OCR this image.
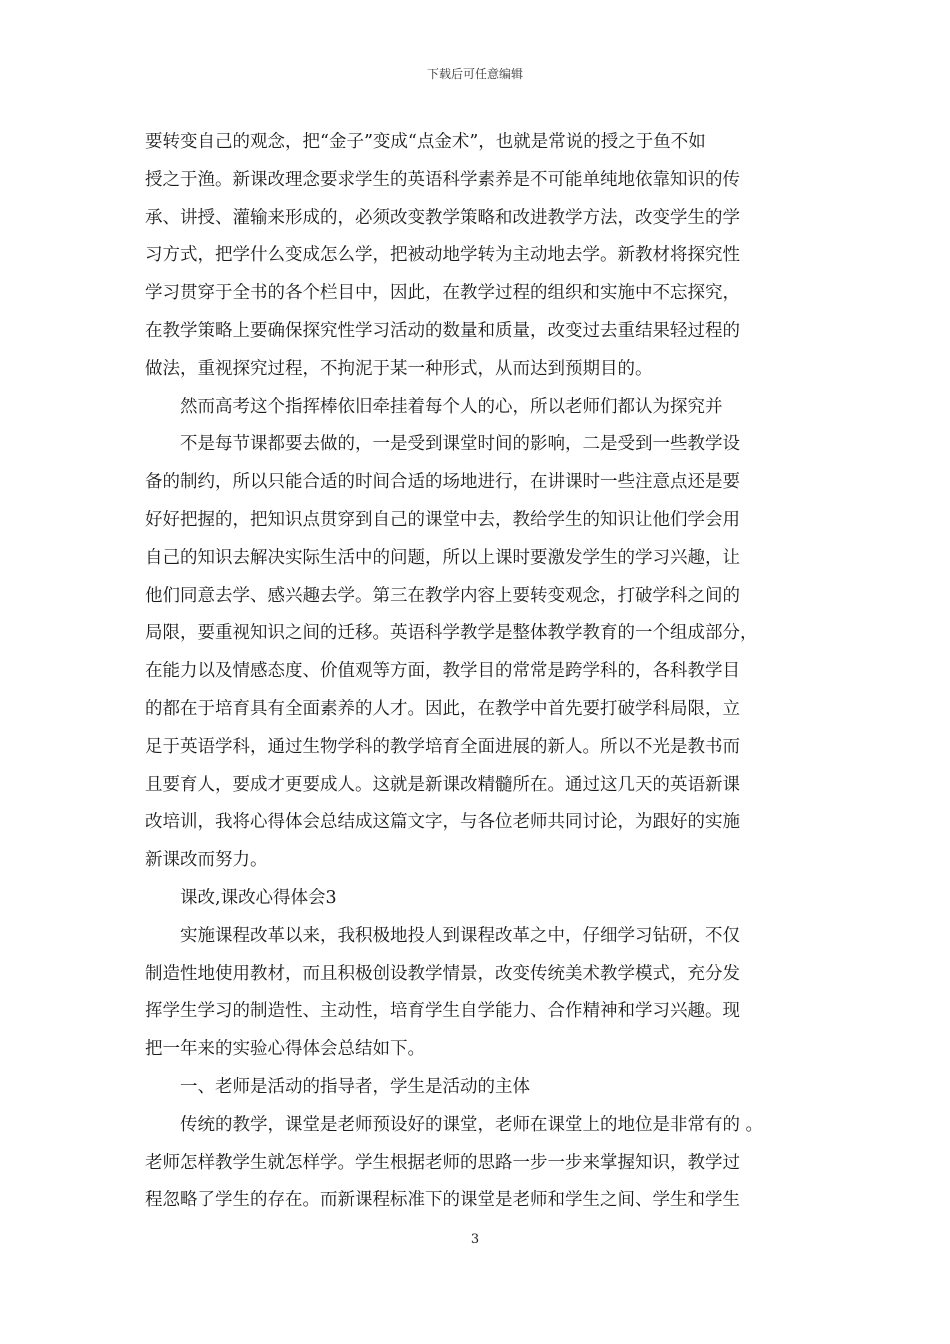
下载后可任意编辑
要转变自己的观念，把“金子”变成“点金术”，也就是常说的授之于鱼不如
授之于渔。新课改理念要求学生的英语科学素养是不可能单纯地依靠知识的传
承、讲授、灌输来形成的，必须改变教学策略和改进教学方法，改变学生的学
习方式，把学什么变成怎么学，把被动地学转为主动地去学。新教材将探究性
学习贯穿于全书的各个栏目中，因此，在教学过程的组织和实施中不忘探究，
在教学策略上要确保探究性学习活动的数量和质量，改变过去重结果轻过程的
做法，重视探究过程，不拘泥于某一种形式，从而达到预期目的。
然而高考这个指挥棒依旧牵挂着每个人的心，所以老师们都认为探究并
不是每节课都要去做的，一是受到课堂时间的影响，二是受到一些教学设
备的制约，所以只能合适的时间合适的场地进行，在讲课时一些注意点还是要
好好把握的，把知识点贯穿到自己的课堂中去，教给学生的知识让他们学会用
自己的知识去解决实际生活中的问题，所以上课时要激发学生的学习兴趣，让
他们同意去学、感兴趣去学。第三在教学内容上要转变观念，打破学科之间的
局限，要重视知识之间的迁移。英语科学教学是整体教学教育的一个组成部分，
在能力以及情感态度、价值观等方面，教学目的常常是跨学科的，各科教学目
的都在于培育具有全面素养的人才。因此，在教学中首先要打破学科局限，立
足于英语学科，通过生物学科的教学培育全面进展的新人。所以不光是教书而
且要育人，要成才更要成人。这就是新课改精髓所在。通过这几天的英语新课
改培训，我将心得体会总结成这篇文字，与各位老师共同讨论，为跟好的实施
新课改而努力。
课改,课改心得体会3
实施课程改革以来，我积极地投人到课程改革之中，仔细学习钻研，不仅
制造性地使用教材，而且积极创设教学情景，改变传统美术教学模式，充分发
挥学生学习的制造性、主动性，培育学生自学能力、合作精神和学习兴趣。现
把一年来的实验心得体会总结如下。
一、老师是活动的指导者，学生是活动的主体
传统的教学，课堂是老师预设好的课堂，老师在课堂上的地位是非常有的 。
老师怎样教学生就怎样学。学生根据老师的思路一步一步来掌握知识，教学过
程忽略了学生的存在。而新课程标准下的课堂是老师和学生之间、学生和学生
3
